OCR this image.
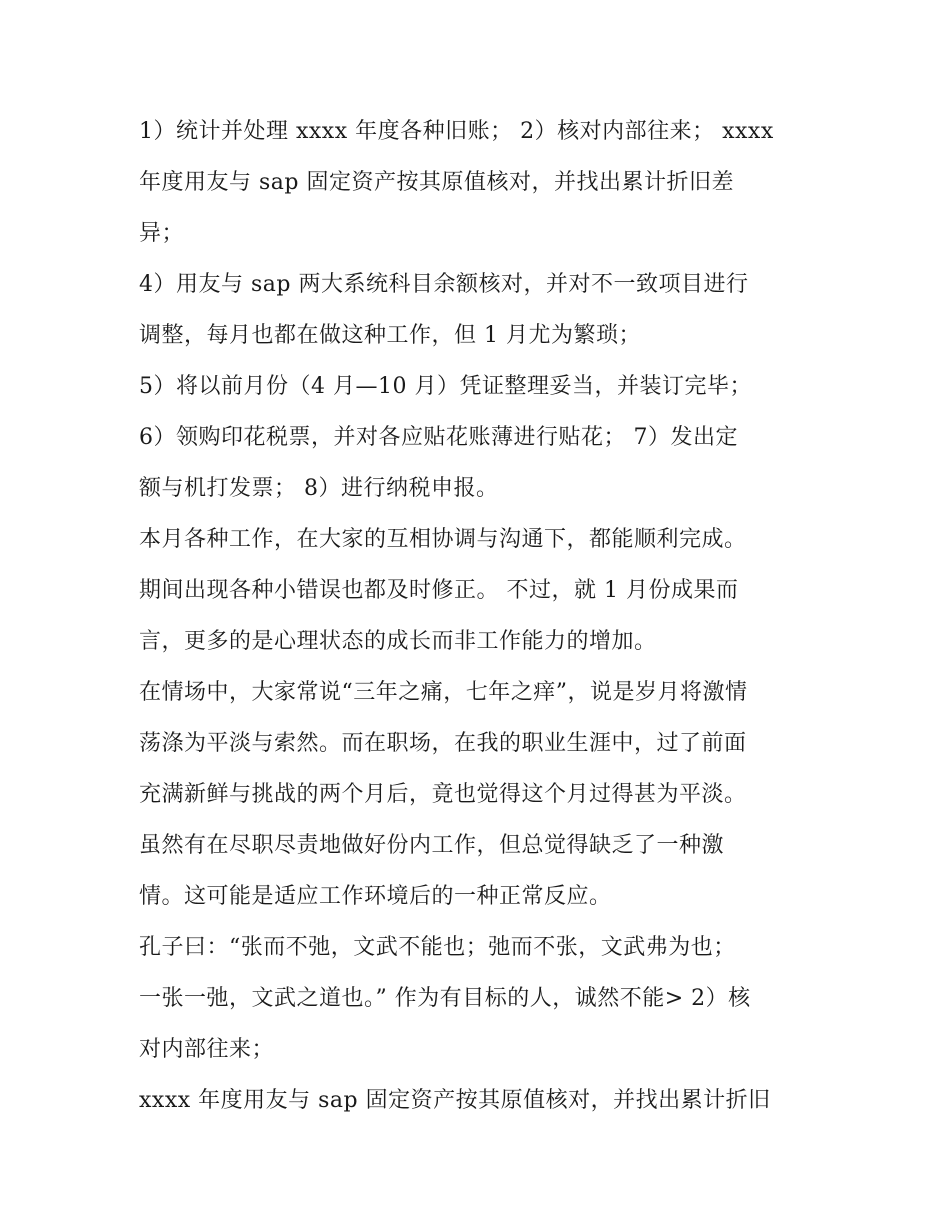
1）统计并处理 xxxx 年度各种旧账； 2）核对内部往来； xxxx
年度用友与 sap 固定资产按其原值核对，并找出累计折旧差
异；
4）用友与 sap 两大系统科目余额核对，并对不一致项目进行
调整，每月也都在做这种工作，但 1 月尤为繁琐；
5）将以前月份（4 月—10 月）凭证整理妥当，并装订完毕；
6）领购印花税票，并对各应贴花账薄进行贴花； 7）发出定
额与机打发票； 8）进行纳税申报。
本月各种工作，在大家的互相协调与沟通下，都能顺利完成。
期间出现各种小错误也都及时修正。 不过，就 1 月份成果而
言，更多的是心理状态的成长而非工作能力的增加。
在情场中，大家常说“三年之痛，七年之痒”，说是岁月将激情
荡涤为平淡与索然。而在职场，在我的职业生涯中，过了前面
充满新鲜与挑战的两个月后，竟也觉得这个月过得甚为平淡。
虽然有在尽职尽责地做好份内工作，但总觉得缺乏了一种激
情。这可能是适应工作环境后的一种正常反应。
孔子曰：“张而不弛，文武不能也；弛而不张，文武弗为也；
一张一弛，文武之道也。” 作为有目标的人，诚然不能> 2）核
对内部往来；
xxxx 年度用友与 sap 固定资产按其原值核对，并找出累计折旧
